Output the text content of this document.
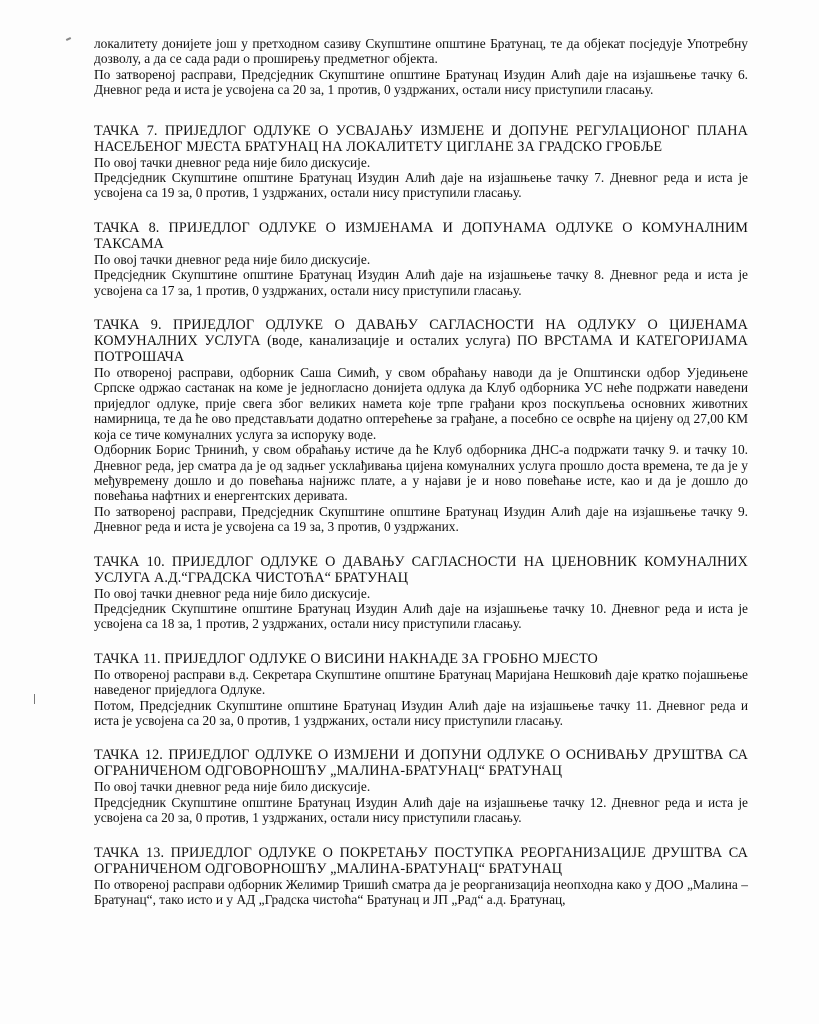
локалитету донијете још у претходном сазиву Скупштине општине Братунац, те да објекат посједује Употребну дозволу, а да се сада ради о проширењу предметног објекта.

По затвореној расправи, Предсједник Скупштине општине Братунац Изудин Алић даје на изјашњење тачку 6. Дневног реда и иста је усвојена са 20 за, 1 против, 0 уздржаних, остали нису приступили гласању.

ТАЧКА 7. ПРИЈЕДЛОГ ОДЛУКЕ О УСВАЈАЊУ ИЗМЈЕНЕ И ДОПУНЕ РЕГУЛАЦИОНОГ ПЛАНА НАСЕЉЕНОГ МЈЕСТА БРАТУНАЦ НА ЛОКАЛИТЕТУ ЦИГЛАНЕ ЗА ГРАДСКО ГРОБЉЕ

По овој тачки дневног реда није било дискусије.

Предсједник Скупштине општине Братунац Изудин Алић даје на изјашњење тачку 7. Дневног реда и иста је усвојена са 19 за, 0 против, 1 уздржаних, остали нису приступили гласању.

ТАЧКА 8. ПРИЈЕДЛОГ ОДЛУКЕ О ИЗМЈЕНАМА И ДОПУНАМА ОДЛУКЕ О КОМУНАЛНИМ ТАКСАМА

По овој тачки дневног реда није било дискусије.

Предсједник Скупштине општине Братунац Изудин Алић даје на изјашњење тачку 8. Дневног реда и иста је усвојена са 17 за, 1 против, 0 уздржаних, остали нису приступили гласању.

ТАЧКА 9. ПРИЈЕДЛОГ ОДЛУКЕ О ДАВАЊУ САГЛАСНОСТИ НА ОДЛУКУ О ЦИЈЕНАМА КОМУНАЛНИХ УСЛУГА (воде, канализације и осталих услуга) ПО ВРСТАМА И КАТЕГОРИЈАМА ПОТРОШАЧА

По отвореној расправи, одборник Саша Симић, у свом обраћању наводи да је Општински одбор Уједињене Српске одржао састанак на коме је једногласно донијета одлука да Клуб одборника УС неће подржати наведени приједлог одлуке, прије свега због великих намета које трпе грађани кроз поскупљења основних животних намирница, те да ће ово представљати додатно оптерећење за грађане, а посебно се осврће на цијену од 27,00 КМ која се тиче комуналних услуга за испоруку воде.

Одборник Борис Трнинић, у свом обраћању истиче да ће Клуб одборника ДНС-а подржати тачку 9. и тачку 10. Дневног реда, јер сматра да је од задњег усклађивања цијена комуналних услуга прошло доста времена, те да је у међувремену дошло и до повећања најнижс плате, а у најави је и ново повећање исте, као и да је дошло до повећања нафтних и енергентских деривата.

По затвореној расправи, Предсједник Скупштине општине Братунац Изудин Алић даје на изјашњење тачку 9. Дневног реда и иста је усвојена са 19 за, 3 против, 0 уздржаних.

ТАЧКА 10. ПРИЈЕДЛОГ ОДЛУКЕ О ДАВАЊУ САГЛАСНОСТИ НА ЦЈЕНОВНИК КОМУНАЛНИХ УСЛУГА А.Д.“ГРАДСКА ЧИСТОЋА“ БРАТУНАЦ

По овој тачки дневног реда није било дискусије.

Предсједник Скупштине општине Братунац Изудин Алић даје на изјашњење тачку 10. Дневног реда и иста је усвојена са 18 за, 1 против, 2 уздржаних, остали нису приступили гласању.

ТАЧКА 11. ПРИЈЕДЛОГ ОДЛУКЕ О ВИСИНИ НАКНАДЕ ЗА ГРОБНО МЈЕСТО

По отвореној расправи в.д. Секретара Скупштине општине Братунац Маријана Нешковић даје кратко појашњење наведеног приједлога Одлуке.

Потом, Предсједник Скупштине општине Братунац Изудин Алић даје на изјашњење тачку 11. Дневног реда и иста је усвојена са 20 за, 0 против, 1 уздржаних, остали нису приступили гласању.

ТАЧКА 12. ПРИЈЕДЛОГ ОДЛУКЕ О ИЗМЈЕНИ И ДОПУНИ ОДЛУКЕ О ОСНИВАЊУ ДРУШТВА СА ОГРАНИЧЕНОМ ОДГОВОРНОШЋУ „МАЛИНА-БРАТУНАЦ“ БРАТУНАЦ

По овој тачки дневног реда није било дискусије.

Предсједник Скупштине општине Братунац Изудин Алић даје на изјашњење тачку 12. Дневног реда и иста је усвојена са 20 за, 0 против, 1 уздржаних, остали нису приступили гласању.

ТАЧКА 13. ПРИЈЕДЛОГ ОДЛУКЕ О ПОКРЕТАЊУ ПОСТУПКА РЕОРГАНИЗАЦИЈЕ ДРУШТВА СА ОГРАНИЧЕНОМ ОДГОВОРНОШЋУ „МАЛИНА-БРАТУНАЦ“ БРАТУНАЦ

По отвореној расправи одборник Желимир Тришић сматра да је реорганизација неопходна како у ДОО „Малина – Братунац“, тако исто и у АД „Градска чистоћа“ Братунац и ЈП „Рад“ а.д. Братунац,
